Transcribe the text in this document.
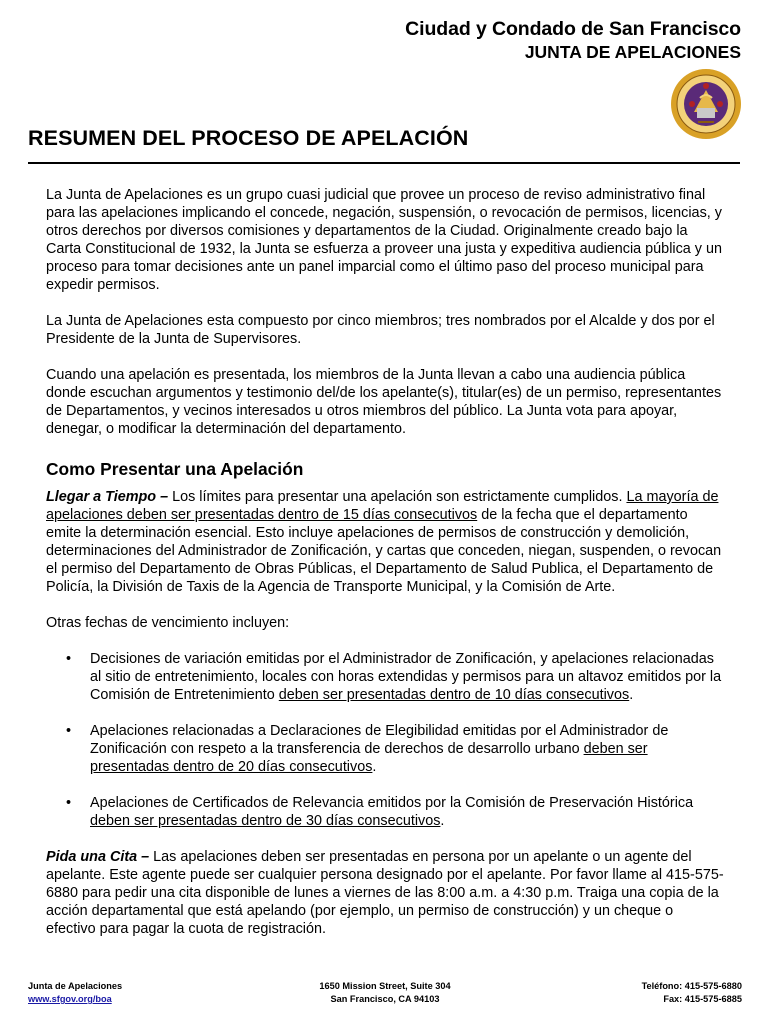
Ciudad y Condado de San Francisco
JUNTA DE APELACIONES
RESUMEN DEL PROCESO DE APELACIÓN

La Junta de Apelaciones es un grupo cuasi judicial que provee un proceso de reviso administrativo final para las apelaciones implicando el concede, negación, suspensión, o revocación de permisos, licencias, y otros derechos por diversos comisiones y departamentos de la Ciudad. Originalmente creado bajo la Carta Constitucional de 1932, la Junta se esfuerza a proveer una justa y expeditiva audiencia pública y un proceso para tomar decisiones ante un panel imparcial como el último paso del proceso municipal para expedir permisos.

La Junta de Apelaciones esta compuesto por cinco miembros; tres nombrados por el Alcalde y dos por el Presidente de la Junta de Supervisores.

Cuando una apelación es presentada, los miembros de la Junta llevan a cabo una audiencia pública donde escuchan argumentos y testimonio del/de los apelante(s), titular(es) de un permiso, representantes de Departamentos, y vecinos interesados u otros miembros del público. La Junta vota para apoyar, denegar, o modificar la determinación del departamento.

Como Presentar una Apelación

Llegar a Tiempo – Los límites para presentar una apelación son estrictamente cumplidos. La mayoría de apelaciones deben ser presentadas dentro de 15 días consecutivos de la fecha que el departamento emite la determinación esencial. Esto incluye apelaciones de permisos de construcción y demolición, determinaciones del Administrador de Zonificación, y cartas que conceden, niegan, suspenden, o revocan el permiso del Departamento de Obras Públicas, el Departamento de Salud Publica, el Departamento de Policía, la División de Taxis de la Agencia de Transporte Municipal, y la Comisión de Arte.

Otras fechas de vencimiento incluyen:

• Decisiones de variación emitidas por el Administrador de Zonificación, y apelaciones relacionadas al sitio de entretenimiento, locales con horas extendidas y permisos para un altavoz emitidos por la Comisión de Entretenimiento deben ser presentadas dentro de 10 días consecutivos.
• Apelaciones relacionadas a Declaraciones de Elegibilidad emitidas por el Administrador de Zonificación con respeto a la transferencia de derechos de desarrollo urbano deben ser presentadas dentro de 20 días consecutivos.
• Apelaciones de Certificados de Relevancia emitidos por la Comisión de Preservación Histórica deben ser presentadas dentro de 30 días consecutivos.

Pida una Cita – Las apelaciones deben ser presentadas en persona por un apelante o un agente del apelante. Este agente puede ser cualquier persona designado por el apelante. Por favor llame al 415-575-6880 para pedir una cita disponible de lunes a viernes de las 8:00 a.m. a 4:30 p.m. Traiga una copia de la acción departamental que está apelando (por ejemplo, un permiso de construcción) y un cheque o efectivo para pagar la cuota de registración.

Junta de Apelaciones
www.sfgov.org/boa
1650 Mission Street, Suite 304
San Francisco, CA 94103
Teléfono: 415-575-6880
Fax: 415-575-6885
